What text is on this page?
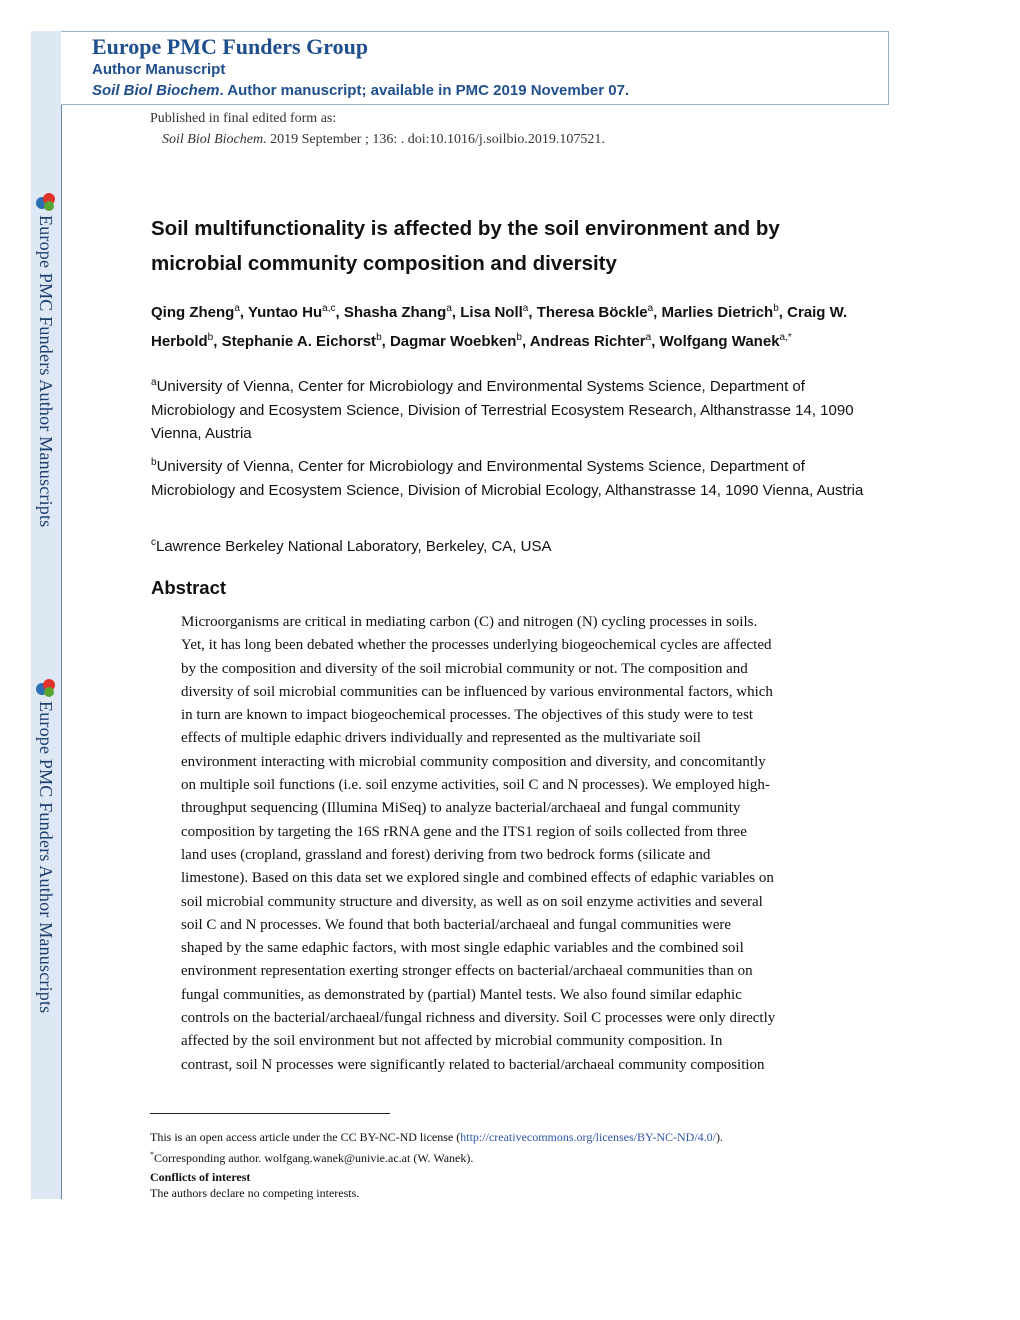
Europe PMC Funders Author Manuscripts
Europe PMC Funders Author Manuscripts
Europe PMC Funders Group
Author Manuscript
Soil Biol Biochem. Author manuscript; available in PMC 2019 November 07.
Published in final edited form as:
Soil Biol Biochem. 2019 September ; 136: . doi:10.1016/j.soilbio.2019.107521.
Soil multifunctionality is affected by the soil environment and by microbial community composition and diversity
Qing Zheng$^a$, Yuntao Hu$^{a,c}$, Shasha Zhang$^a$, Lisa Noll$^a$, Theresa Böckle$^a$, Marlies Dietrich$^b$, Craig W. Herbold$^b$, Stephanie A. Eichorst$^b$, Dagmar Woebken$^b$, Andreas Richter$^a$, Wolfgang Wanek$^{a,*}$
$^a$University of Vienna, Center for Microbiology and Environmental Systems Science, Department of Microbiology and Ecosystem Science, Division of Terrestrial Ecosystem Research, Althanstrasse 14, 1090 Vienna, Austria
$^b$University of Vienna, Center for Microbiology and Environmental Systems Science, Department of Microbiology and Ecosystem Science, Division of Microbial Ecology, Althanstrasse 14, 1090 Vienna, Austria
$^c$Lawrence Berkeley National Laboratory, Berkeley, CA, USA
Abstract
Microorganisms are critical in mediating carbon (C) and nitrogen (N) cycling processes in soils.
Yet, it has long been debated whether the processes underlying biogeochemical cycles are affected
by the composition and diversity of the soil microbial community or not. The composition and
diversity of soil microbial communities can be influenced by various environmental factors, which
in turn are known to impact biogeochemical processes. The objectives of this study were to test
effects of multiple edaphic drivers individually and represented as the multivariate soil
environment interacting with microbial community composition and diversity, and concomitantly
on multiple soil functions (i.e. soil enzyme activities, soil C and N processes). We employed high-
throughput sequencing (Illumina MiSeq) to analyze bacterial/archaeal and fungal community
composition by targeting the 16S rRNA gene and the ITS1 region of soils collected from three
land uses (cropland, grassland and forest) deriving from two bedrock forms (silicate and
limestone). Based on this data set we explored single and combined effects of edaphic variables on
soil microbial community structure and diversity, as well as on soil enzyme activities and several
soil C and N processes. We found that both bacterial/archaeal and fungal communities were
shaped by the same edaphic factors, with most single edaphic variables and the combined soil
environment representation exerting stronger effects on bacterial/archaeal communities than on
fungal communities, as demonstrated by (partial) Mantel tests. We also found similar edaphic
controls on the bacterial/archaeal/fungal richness and diversity. Soil C processes were only directly
affected by the soil environment but not affected by microbial community composition. In
contrast, soil N processes were significantly related to bacterial/archaeal community composition
This is an open access article under the CC BY-NC-ND license (http://creativecommons.org/licenses/BY-NC-ND/4.0/).
*Corresponding author. wolfgang.wanek@univie.ac.at (W. Wanek).
Conflicts of interest
The authors declare no competing interests.
